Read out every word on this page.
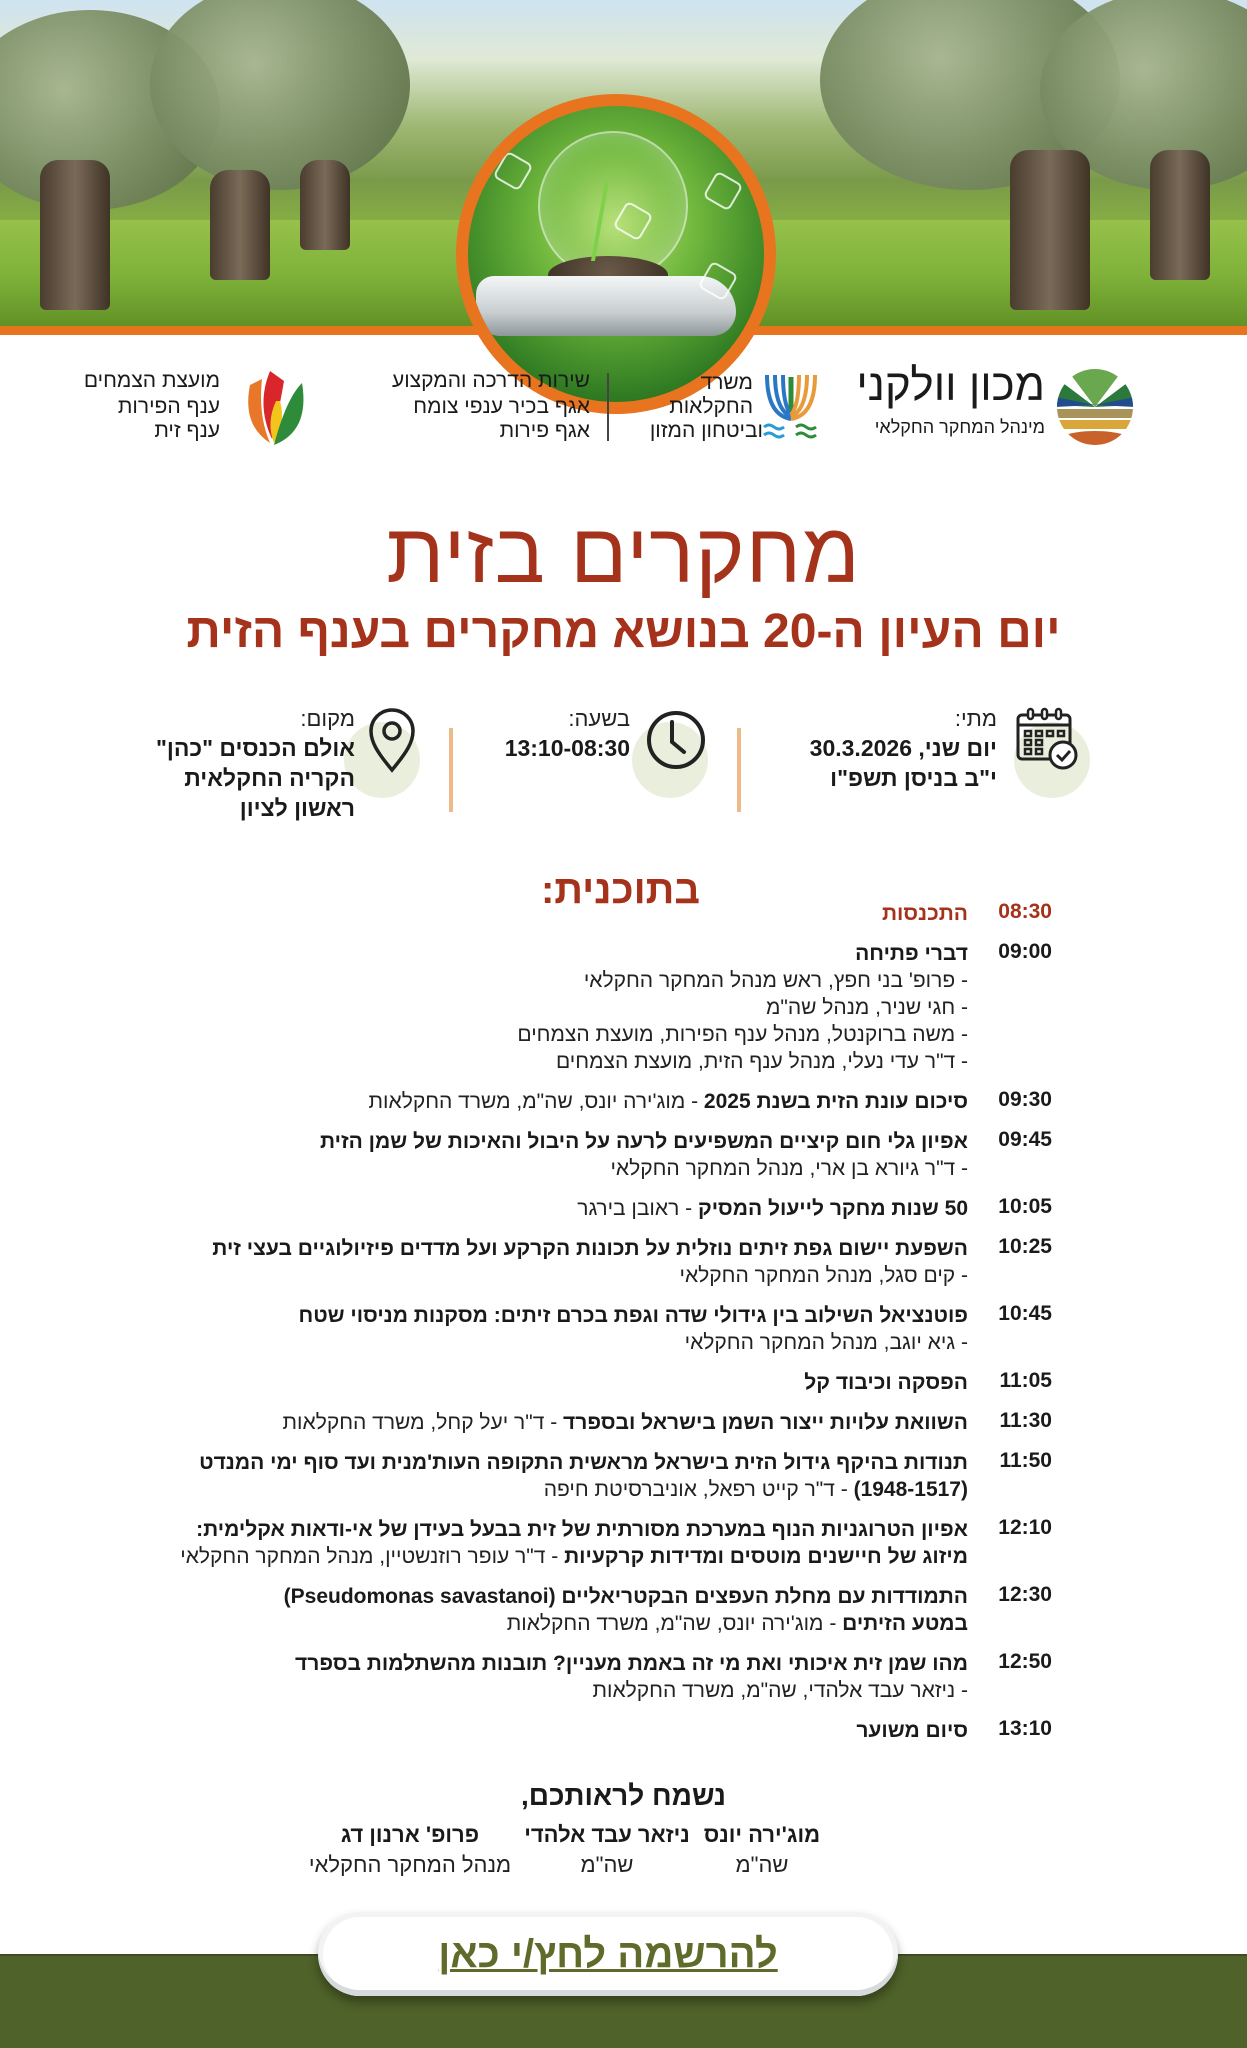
מכון וולקני
מינהל המחקר החקלאי
משרד
החקלאות
וביטחון המזון
שירות הדרכה והמקצוע
אגף בכיר ענפי צומח
אגף פירות
מועצת הצמחים
ענף הפירות
ענף זית
מחקרים בזית
יום העיון ה-20 בנושא מחקרים בענף הזית
מתי:
יום שני, 30.3.2026
י"ב בניסן תשפ"ו
בשעה:
13:10-08:30
מקום:
אולם הכנסים "כהן"
הקריה החקלאית
ראשון לציון
בתוכנית:	08:30
התכנסות
09:00
דברי פתיחה
- פרופ' בני חפץ, ראש מנהל המחקר החקלאי
- חגי שניר, מנהל שה"מ
- משה ברוקנטל, מנהל ענף הפירות, מועצת הצמחים
- ד"ר עדי נעלי, מנהל ענף הזית, מועצת הצמחים
09:30
סיכום עונת הזית בשנת 2025 - מוג'ירה יונס, שה"מ, משרד החקלאות
09:45
אפיון גלי חום קיציים המשפיעים לרעה על היבול והאיכות של שמן הזית
- ד"ר גיורא בן ארי, מנהל המחקר החקלאי
10:05
50 שנות מחקר לייעול המסיק - ראובן בירגר
10:25
השפעת יישום גפת זיתים נוזלית על תכונות הקרקע ועל מדדים פיזיולוגיים בעצי זית
- קים סגל, מנהל המחקר החקלאי
10:45
פוטנציאל השילוב בין גידולי שדה וגפת בכרם זיתים: מסקנות מניסוי שטח
- גיא יוגב, מנהל המחקר החקלאי
11:05
הפסקה וכיבוד קל
11:30
השוואת עלויות ייצור השמן בישראל ובספרד - ד"ר יעל קחל, משרד החקלאות
11:50
תנודות בהיקף גידול הזית בישראל מראשית התקופה העות'מנית ועד סוף ימי המנדט
(1948-1517) - ד"ר קייט רפאל, אוניברסיטת חיפה
12:10
אפיון הטרוגניות הנוף במערכת מסורתית של זית בבעל בעידן של אי-ודאות אקלימית:
מיזוג של חיישנים מוטסים ומדידות קרקעיות - ד"ר עופר רוזנשטיין, מנהל המחקר החקלאי
12:30
התמודדות עם מחלת העפצים הבקטריאליים (Pseudomonas savastanoi)
במטע הזיתים - מוג'ירה יונס, שה"מ, משרד החקלאות
12:50
מהו שמן זית איכותי ואת מי זה באמת מעניין? תובנות מהשתלמות בספרד
- ניזאר עבד אלהדי, שה"מ, משרד החקלאות
13:10
סיום משוער
נשמח לראותכם,
מוג'ירה יונס
שה"מ
ניזאר עבד אלהדי
שה"מ
פרופ' ארנון דג
מנהל המחקר החקלאי
להרשמה לחץ/י כאן
